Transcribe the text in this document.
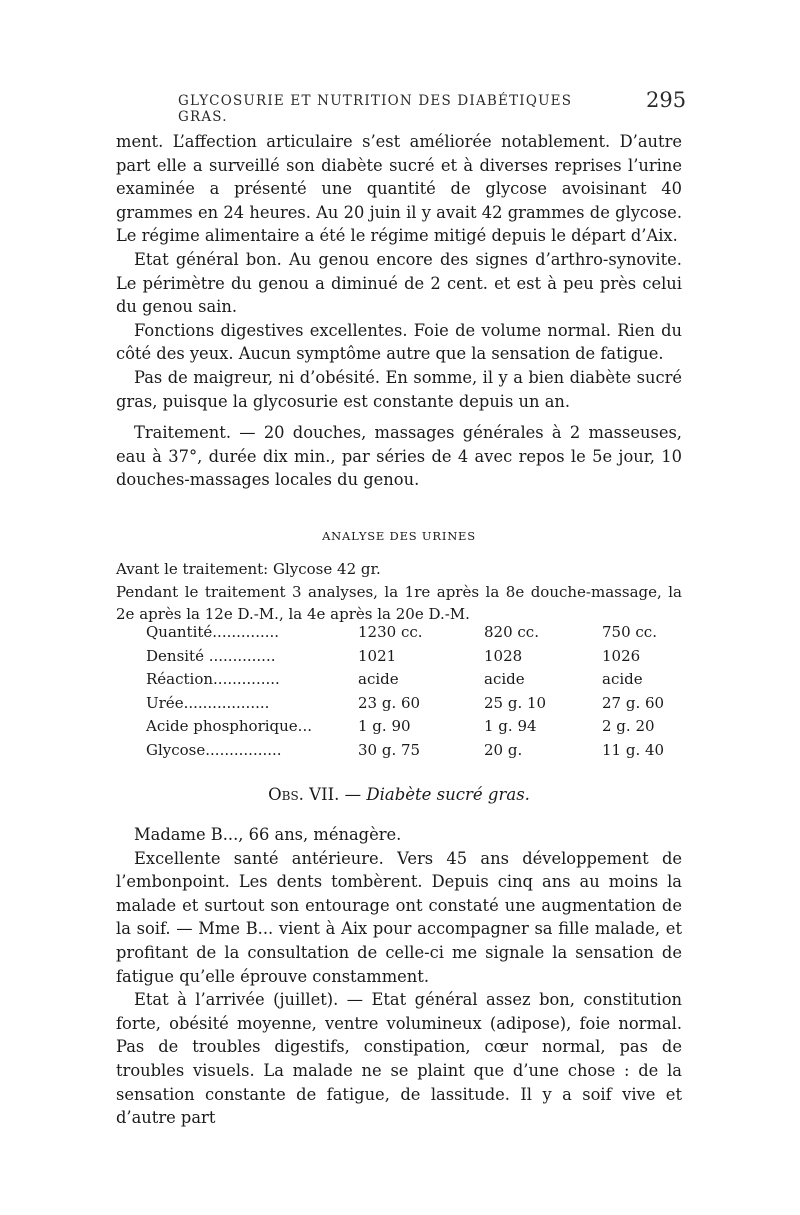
GLYCOSURIE ET NUTRITION DES DIABÉTIQUES GRAS.
295

ment. L’affection articulaire s’est améliorée notablement. D’autre part elle a surveillé son diabète sucré et à diverses reprises l’urine examinée a présenté une quantité de glycose avoisinant 40 grammes en 24 heures. Au 20 juin il y avait 42 grammes de glycose. Le régime alimentaire a été le régime mitigé depuis le départ d’Aix.

Etat général bon. Au genou encore des signes d’arthro-synovite. Le périmètre du genou a diminué de 2 cent. et est à peu près celui du genou sain.

Fonctions digestives excellentes. Foie de volume normal. Rien du côté des yeux. Aucun symptôme autre que la sensation de fatigue.

Pas de maigreur, ni d’obésité. En somme, il y a bien diabète sucré gras, puisque la glycosurie est constante depuis un an.

Traitement. — 20 douches, massages générales à 2 masseuses, eau à 37°, durée dix min., par séries de 4 avec repos le 5e jour, 10 douches-massages locales du genou.

ANALYSE DES URINES

Avant le traitement: Glycose 42 gr.

Pendant le traitement 3 analyses, la 1re après la 8e douche-massage, la 2e après la 12e D.-M., la 4e après la 20e D.-M.

Quantité..............	1230 cc.	820 cc.	750 cc.
Densité ..............	1021	1028	1026
Réaction..............	acide	acide	acide
Urée..................	23 g. 60	25 g. 10	27 g. 60
Acide phosphorique...	1 g. 90	1 g. 94	2 g. 20
Glycose................	30 g. 75	20 g.	11 g. 40
Obs. VII. — Diabète sucré gras.

Madame B..., 66 ans, ménagère.

Excellente santé antérieure. Vers 45 ans développement de l’embonpoint. Les dents tombèrent. Depuis cinq ans au moins la malade et surtout son entourage ont constaté une augmentation de la soif. — Mme B... vient à Aix pour accompagner sa fille malade, et profitant de la consultation de celle-ci me signale la sensation de fatigue qu’elle éprouve constamment.

Etat à l’arrivée (juillet). — Etat général assez bon, constitution forte, obésité moyenne, ventre volumineux (adipose), foie normal. Pas de troubles digestifs, constipation, cœur normal, pas de troubles visuels. La malade ne se plaint que d’une chose : de la sensation constante de fatigue, de lassitude. Il y a soif vive et d’autre part
